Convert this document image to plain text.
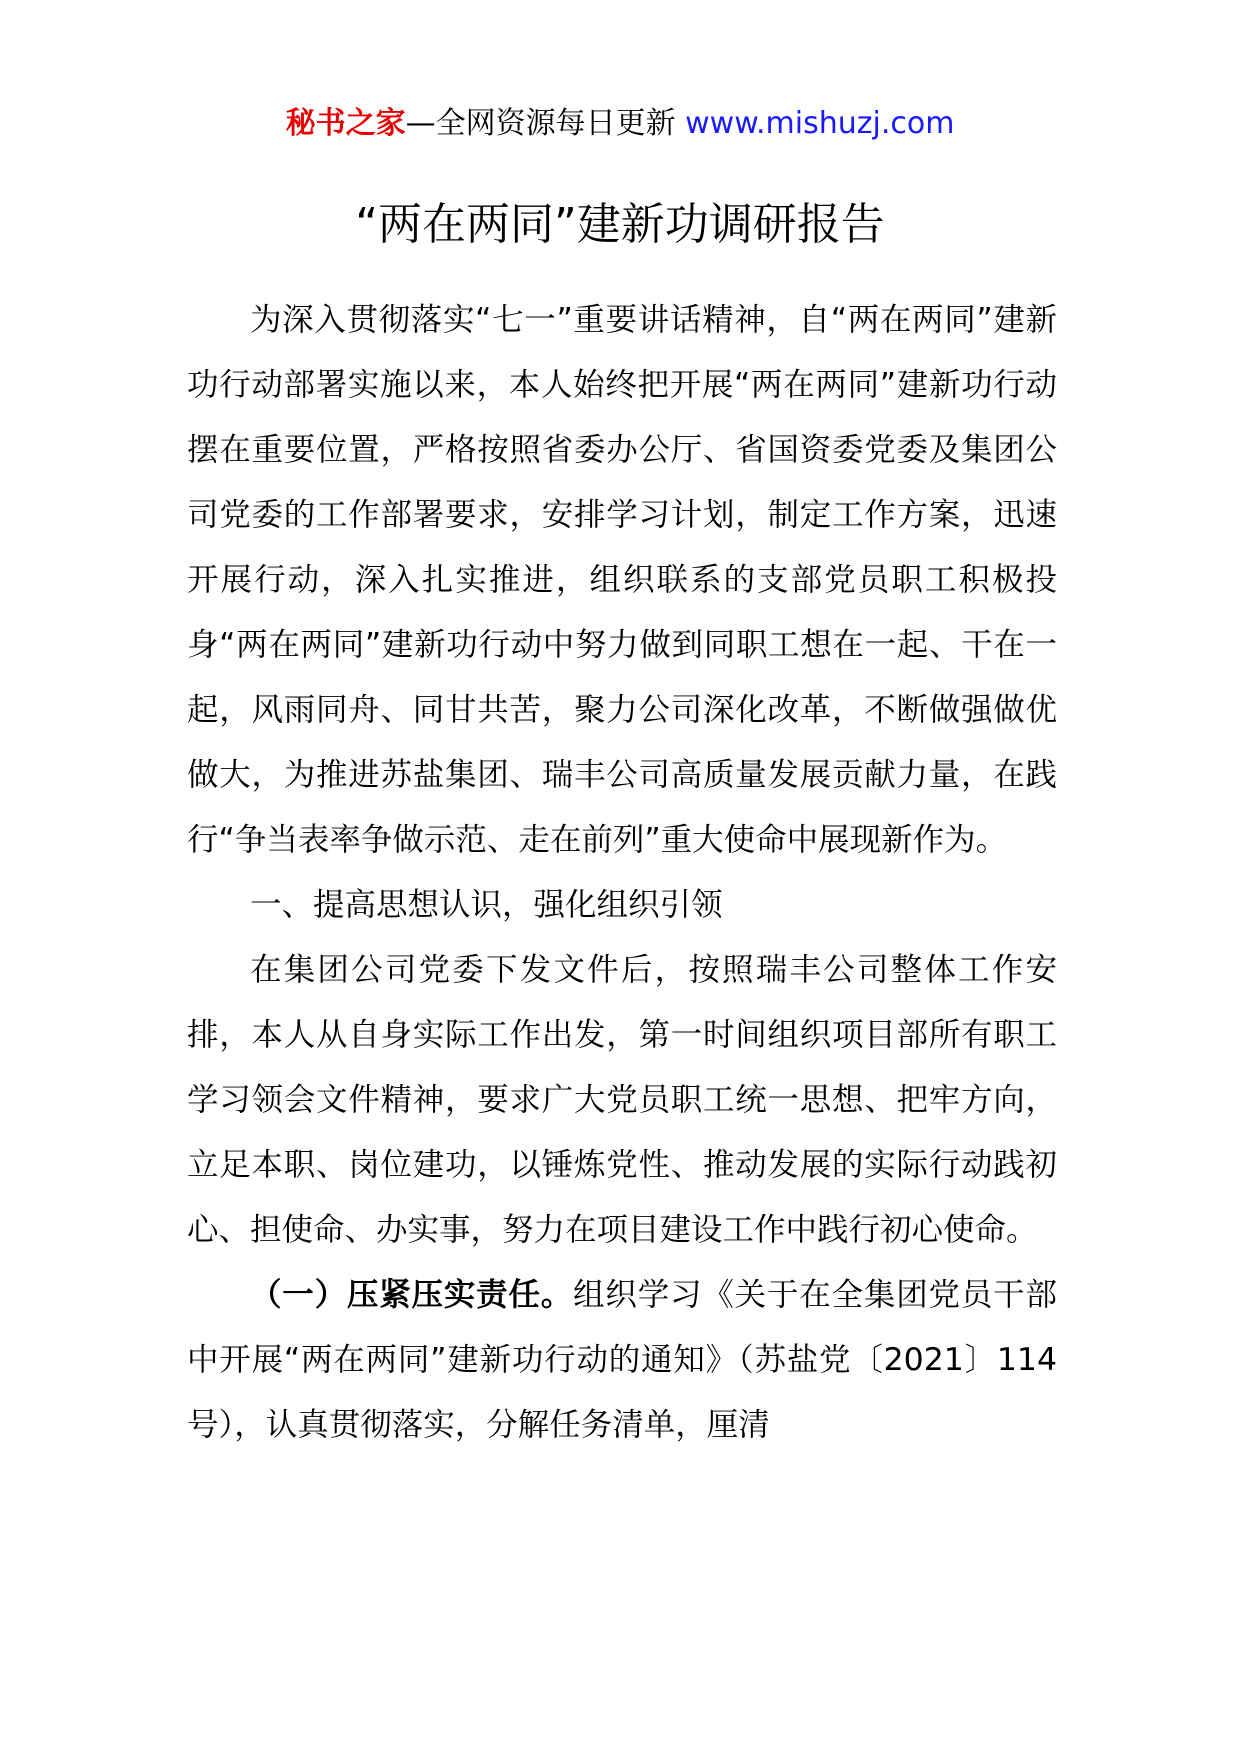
秘书之家—全网资源每日更新 www.mishuzj.com
“两在两同”建新功调研报告

为深入贯彻落实“七一”重要讲话精神，自“两在两同”建新功行动部署实施以来，本人始终把开展“两在两同”建新功行动摆在重要位置，严格按照省委办公厅、省国资委党委及集团公司党委的工作部署要求，安排学习计划，制定工作方案，迅速开展行动，深入扎实推进，组织联系的支部党员职工积极投身“两在两同”建新功行动中努力做到同职工想在一起、干在一起，风雨同舟、同甘共苦，聚力公司深化改革，不断做强做优做大，为推进苏盐集团、瑞丰公司高质量发展贡献力量，在践行“争当表率争做示范、走在前列”重大使命中展现新作为。

一、提高思想认识，强化组织引领

在集团公司党委下发文件后，按照瑞丰公司整体工作安排，本人从自身实际工作出发，第一时间组织项目部所有职工学习领会文件精神，要求广大党员职工统一思想、把牢方向，立足本职、岗位建功，以锤炼党性、推动发展的实际行动践初心、担使命、办实事，努力在项目建设工作中践行初心使命。

（一）压紧压实责任。组织学习《关于在全集团党员干部中开展“两在两同”建新功行动的通知》（苏盐党〔2021〕114号），认真贯彻落实，分解任务清单，厘清
